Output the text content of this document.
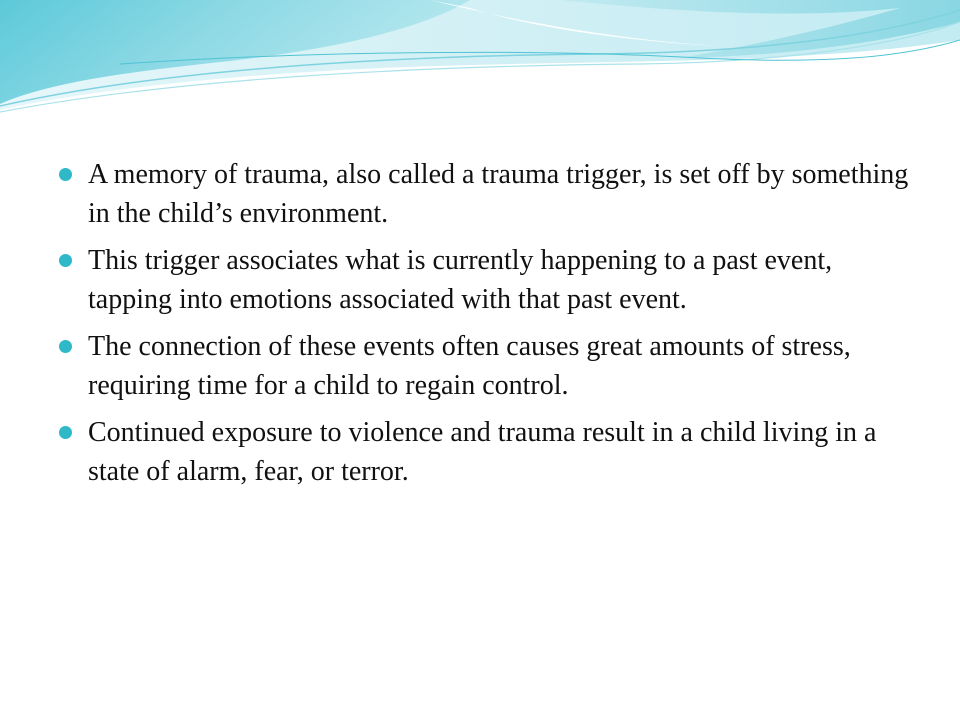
A memory of trauma, also called a trauma trigger, is set off by something in the child’s environment.
This trigger associates what is currently happening to a past event, tapping into emotions associated with that past event.
The connection of these events often causes great amounts of stress, requiring time for a child to regain control.
Continued exposure to violence and trauma result in a child living in a state of alarm, fear, or terror.
